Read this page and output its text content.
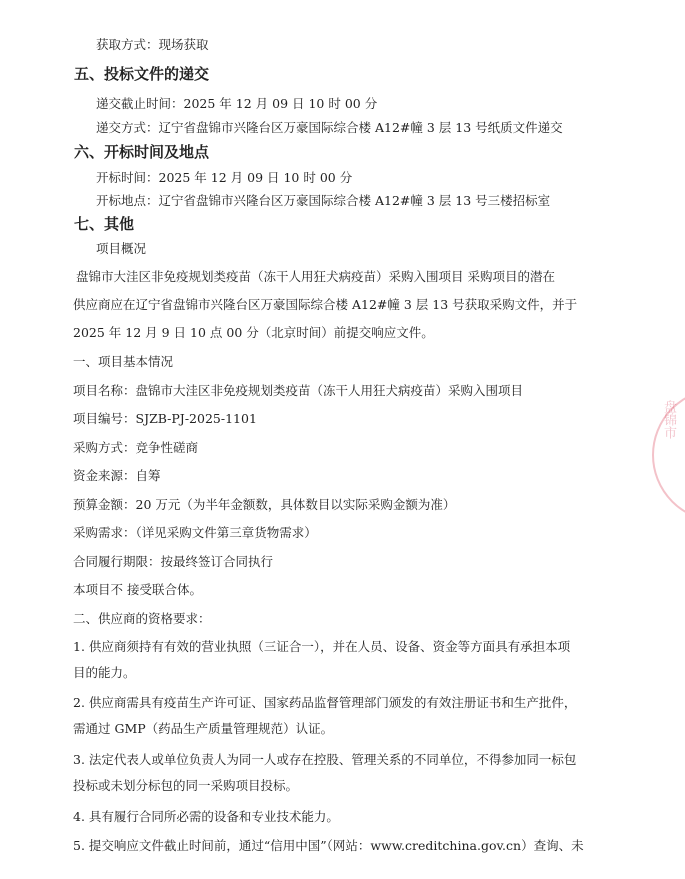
盘锦市
获取方式：现场获取
五、投标文件的递交
递交截止时间：2025 年 12 月 09 日 10 时 00 分
递交方式：辽宁省盘锦市兴隆台区万豪国际综合楼 A12#幢 3 层 13 号纸质文件递交
六、开标时间及地点
开标时间：2025 年 12 月 09 日 10 时 00 分
开标地点：辽宁省盘锦市兴隆台区万豪国际综合楼 A12#幢 3 层 13 号三楼招标室
七、其他
项目概况
盘锦市大洼区非免疫规划类疫苗（冻干人用狂犬病疫苗）采购入围项目 采购项目的潜在
供应商应在辽宁省盘锦市兴隆台区万豪国际综合楼 A12#幢 3 层 13 号获取采购文件，并于
2025 年 12 月 9 日 10 点 00 分（北京时间）前提交响应文件。
一、项目基本情况
项目名称：盘锦市大洼区非免疫规划类疫苗（冻干人用狂犬病疫苗）采购入围项目
项目编号：SJZB-PJ-2025-1101
采购方式：竞争性磋商
资金来源：自筹
预算金额：20 万元（为半年金额数，具体数目以实际采购金额为准）
采购需求：（详见采购文件第三章货物需求）
合同履行期限：按最终签订合同执行
本项目不 接受联合体。
二、供应商的资格要求：
1. 供应商须持有有效的营业执照（三证合一），并在人员、设备、资金等方面具有承担本项
目的能力。
2. 供应商需具有疫苗生产许可证、国家药品监督管理部门颁发的有效注册证书和生产批件，
需通过 GMP（药品生产质量管理规范）认证。
3. 法定代表人或单位负责人为同一人或存在控股、管理关系的不同单位，不得参加同一标包
投标或未划分标包的同一采购项目投标。
4. 具有履行合同所必需的设备和专业技术能力。
5. 提交响应文件截止时间前，通过“信用中国”（网站：www.creditchina.gov.cn）查询、未
